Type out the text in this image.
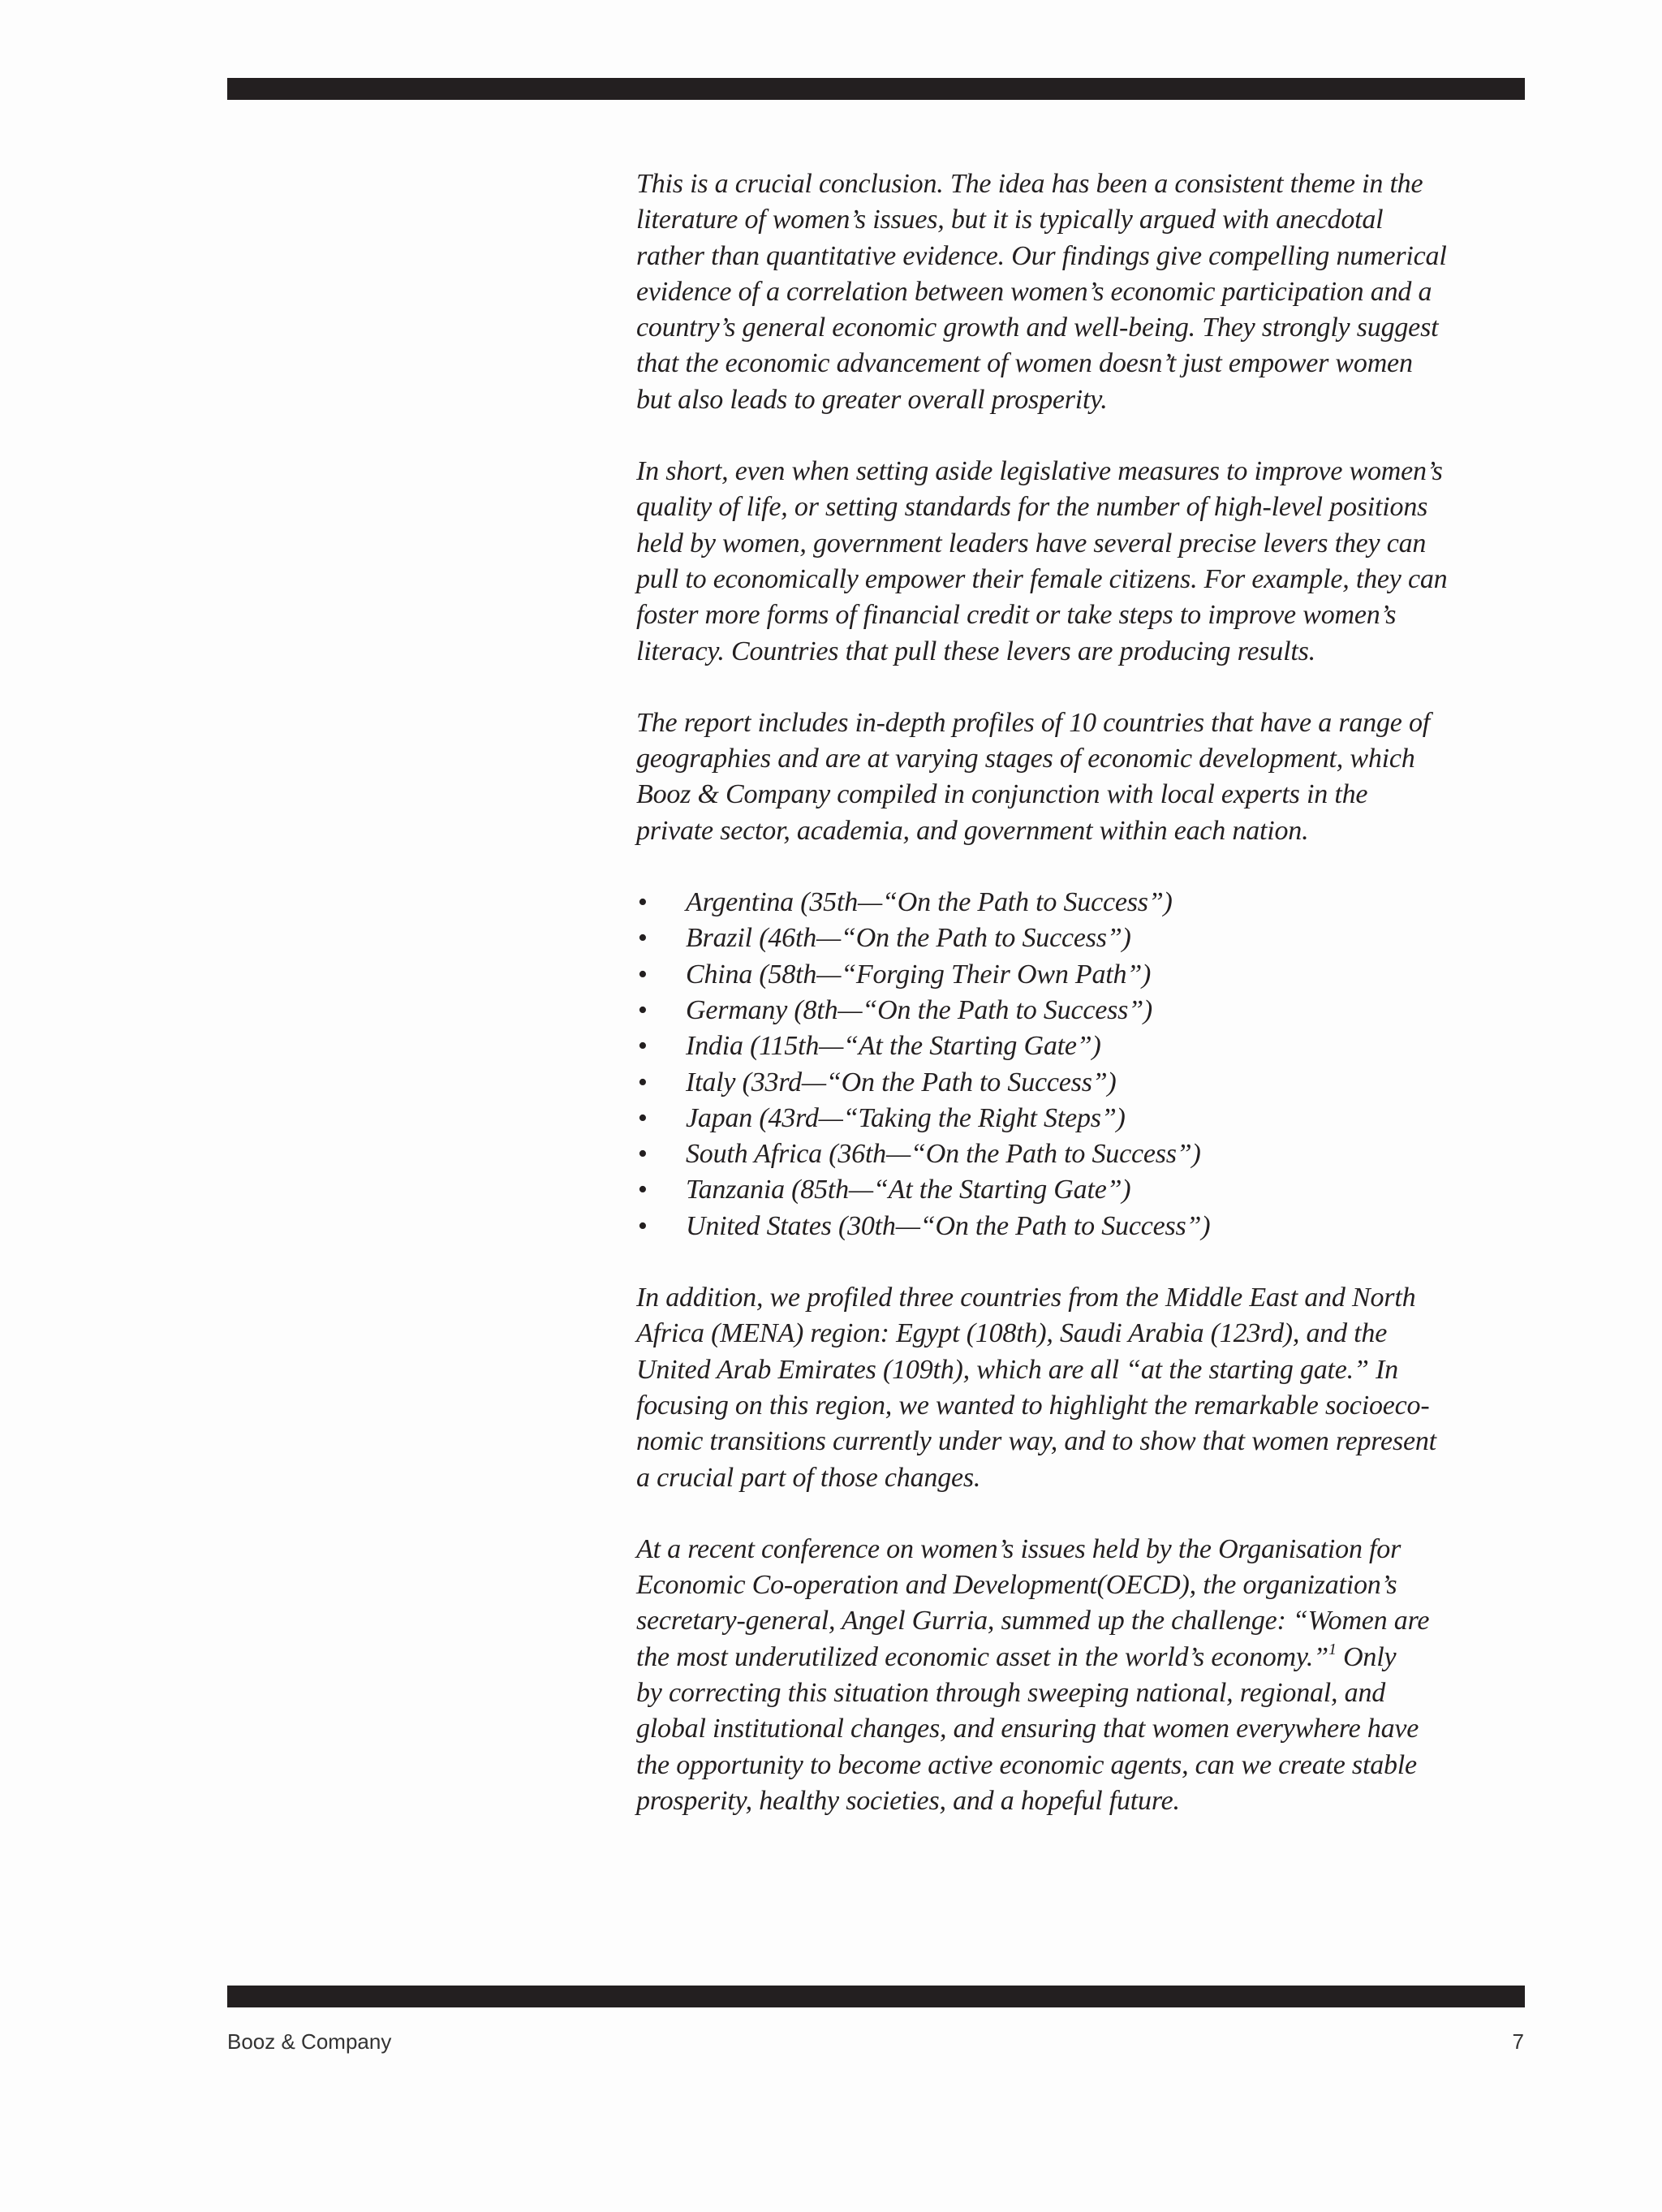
This is a crucial conclusion. The idea has been a consistent theme in the
literature of women’s issues, but it is typically argued with anecdotal
rather than quantitative evidence. Our findings give compelling numerical
evidence of a correlation between women’s economic participation and a
country’s general economic growth and well-being. They strongly suggest
that the economic advancement of women doesn’t just empower women
but also leads to greater overall prosperity.

In short, even when setting aside legislative measures to improve women’s
quality of life, or setting standards for the number of high-level positions
held by women, government leaders have several precise levers they can
pull to economically empower their female citizens. For example, they can
foster more forms of financial credit or take steps to improve women’s
literacy. Countries that pull these levers are producing results.

The report includes in-depth profiles of 10 countries that have a range of
geographies and are at varying stages of economic development, which
Booz & Company compiled in conjunction with local experts in the
private sector, academia, and government within each nation.

• Argentina (35th—“On the Path to Success”)
• Brazil (46th—“On the Path to Success”)
• China (58th—“Forging Their Own Path”)
• Germany (8th—“On the Path to Success”)
• India (115th—“At the Starting Gate”)
• Italy (33rd—“On the Path to Success”)
• Japan (43rd—“Taking the Right Steps”)
• South Africa (36th—“On the Path to Success”)
• Tanzania (85th—“At the Starting Gate”)
• United States (30th—“On the Path to Success”)

In addition, we profiled three countries from the Middle East and North
Africa (MENA) region: Egypt (108th), Saudi Arabia (123rd), and the
United Arab Emirates (109th), which are all “at the starting gate.” In
focusing on this region, we wanted to highlight the remarkable socioeco-
nomic transitions currently under way, and to show that women represent
a crucial part of those changes.

At a recent conference on women’s issues held by the Organisation for
Economic Co-operation and Development(OECD), the organization’s
secretary-general, Angel Gurria, summed up the challenge: “Women are
the most underutilized economic asset in the world’s economy.”$^1$ Only
by correcting this situation through sweeping national, regional, and
global institutional changes, and ensuring that women everywhere have
the opportunity to become active economic agents, can we create stable
prosperity, healthy societies, and a hopeful future.

Booz & Company	7
